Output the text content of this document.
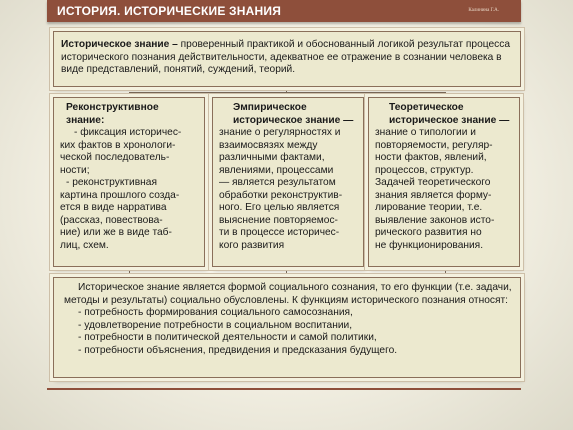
ИСТОРИЯ. ИСТОРИЧЕСКИЕ ЗНАНИЯ	Калинина Г.А.

Историческое знание – проверенный практикой и обоснованный логикой результат процесса исторического познания действительности, адекватное ее отражение в сознании человека в виде представлений, понятий, суждений, теорий.

Реконструктивное знание:

- фиксация историчес-

ких фактов в хронологи-

ческой последователь-

ности;

- реконструктивная

картина прошлого созда-

ется в виде нарратива

(рассказ, повествова-

ние) или же в виде таб-

лиц, схем.

Эмпирическое историческое знание —

знание о регулярностях и

взаимосвязях между

различными фактами,

явлениями, процессами

— является результатом

обработки реконструктив-

ного. Его целью является

выяснение повторяемос-

ти в процессе историчес-

кого развития

Теоретическое историческое знание —

знание о типологии и

повторяемости, регуляр-

ности фактов, явлений,

процессов, структур.

Задачей теоретического

знания является форму-

лирование теории, т.е.

выявление законов исто-

рического развития но

не функционирования.

Историческое знание является формой социального сознания, то его функции (т.е. задачи, методы и результаты) социально обусловлены. К функциям исторического познания относят:

- потребность формирования социального самосознания,

- удовлетворение потребности в социальном воспитании,

- потребности в политической деятельности и самой политики,

- потребности объяснения, предвидения и предсказания будущего.
